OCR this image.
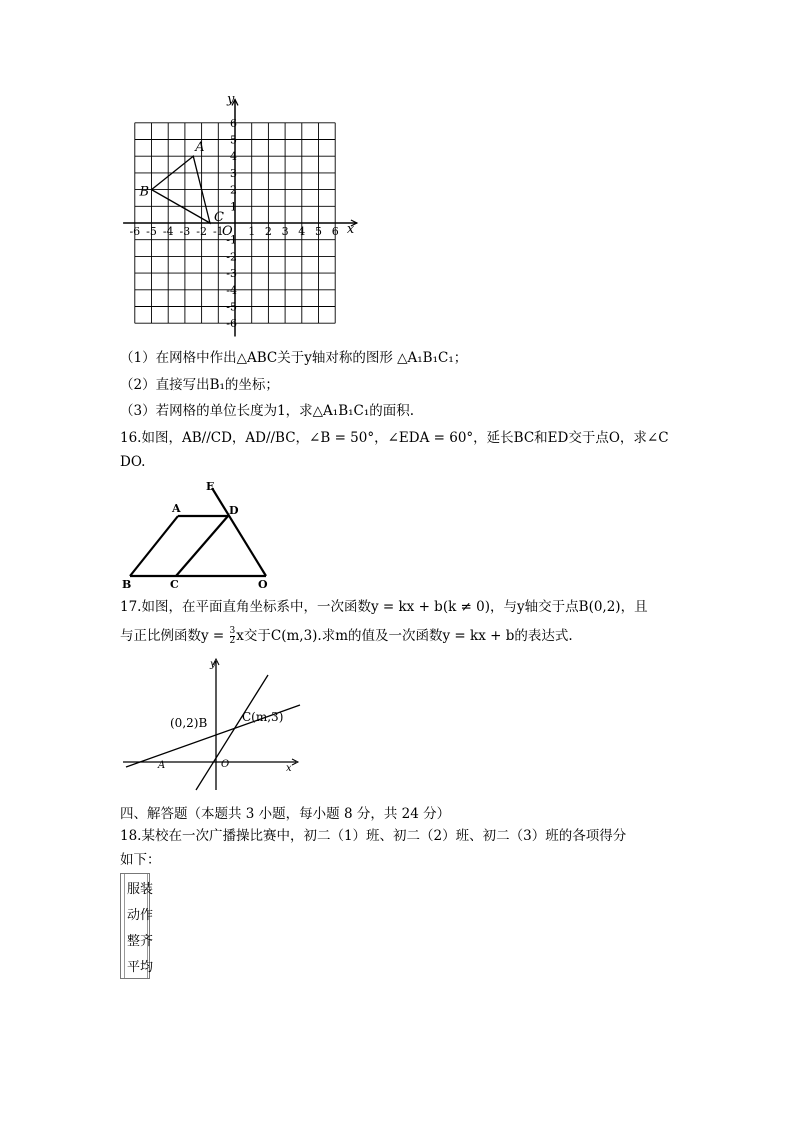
A
B
C
x
y
O
-6 -5 -4 -3 -2 -1 1 2 3 4 5 6
6
5
4
3
2
1
-1
-2
-3
-4
-5
-6
（1）在网格中作出△ABC关于y轴对称的图形 △A₁B₁C₁；
（2）直接写出B₁的坐标；
（3）若网格的单位长度为1，求△A₁B₁C₁的面积.
16.如图，AB//CD，AD//BC，∠B = 50°，∠EDA = 60°，延长BC和ED交于点O，求∠C
DO.
E
A	D
B	C	O
17.如图，在平面直角坐标系中，一次函数y = kx + b(k ≠ 0)，与y轴交于点B(0,2)，且
与正比例函数$y = \frac{3}{2}$ x交于C(m,3).求m的值及一次函数y = kx + b的表达式.
y
x
O
A
(0,2)B	C(m,3)
四、解答题（本题共 3 小题，每小题 8 分，共 24 分）
18.某校在一次广播操比赛中，初二（1）班、初二（2）班、初二（3）班的各项得分
如下：
服装
动作
整齐
平均
